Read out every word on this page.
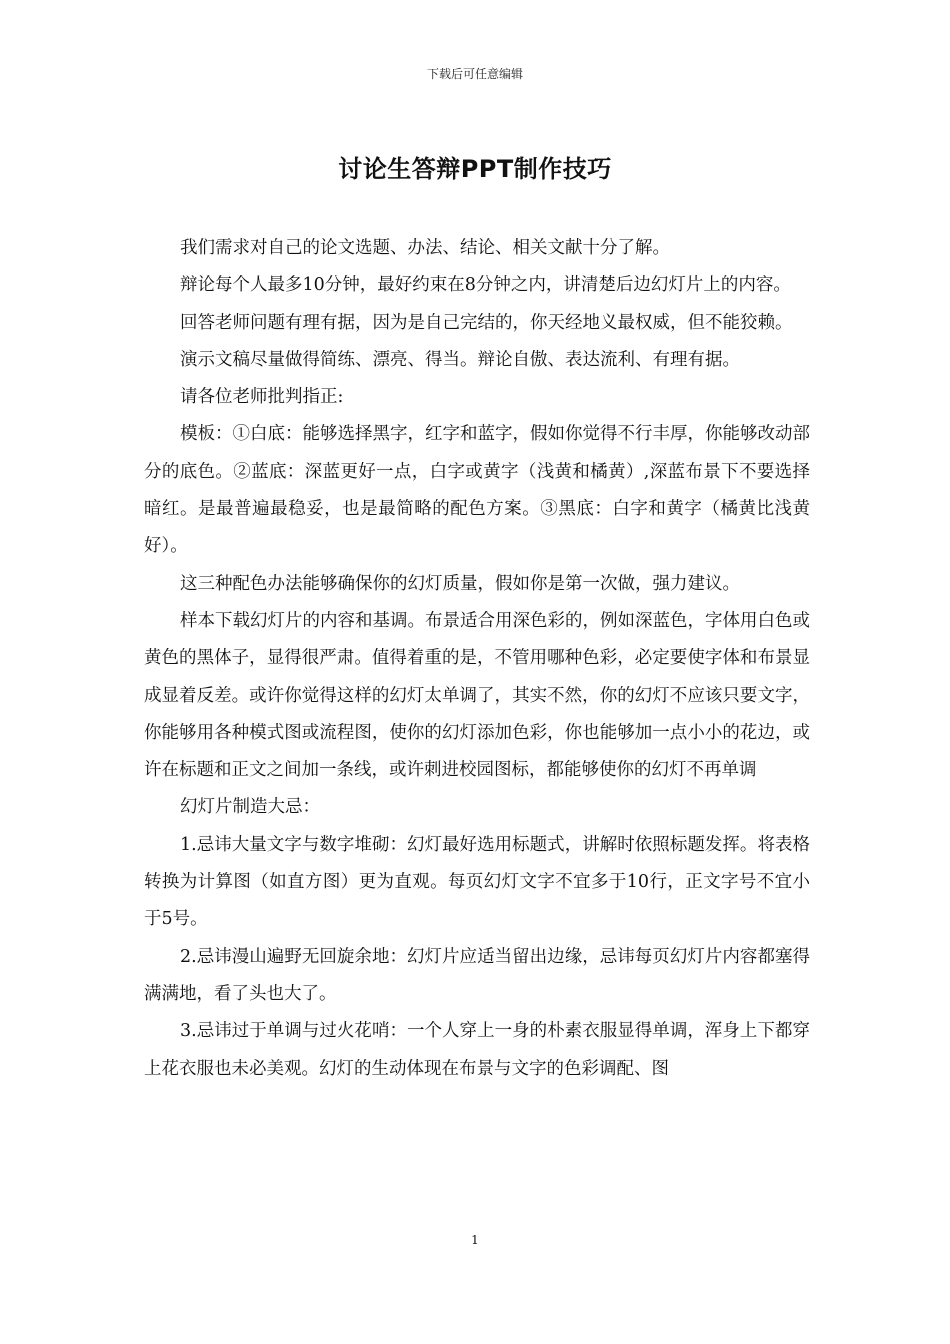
下载后可任意编辑
讨论生答辩PPT制作技巧

我们需求对自己的论文选题、办法、结论、相关文献十分了解。

辩论每个人最多10分钟，最好约束在8分钟之内，讲清楚后边幻灯片上的内容。

回答老师问题有理有据，因为是自己完结的，你天经地义最权威，但不能狡赖。

演示文稿尽量做得简练、漂亮、得当。辩论自傲、表达流利、有理有据。

请各位老师批判指正:

模板：①白底：能够选择黑字，红字和蓝字，假如你觉得不行丰厚，你能够改动部分的底色。②蓝底：深蓝更好一点，白字或黄字（浅黄和橘黄）,深蓝布景下不要选择暗红。是最普遍最稳妥，也是最简略的配色方案。③黑底：白字和黄字（橘黄比浅黄好）。

这三种配色办法能够确保你的幻灯质量，假如你是第一次做，强力建议。

样本下载幻灯片的内容和基调。布景适合用深色彩的，例如深蓝色，字体用白色或黄色的黑体子，显得很严肃。值得着重的是，不管用哪种色彩，必定要使字体和布景显成显着反差。或许你觉得这样的幻灯太单调了，其实不然，你的幻灯不应该只要文字，你能够用各种模式图或流程图，使你的幻灯添加色彩，你也能够加一点小小的花边，或许在标题和正文之间加一条线，或许刺进校园图标，都能够使你的幻灯不再单调

幻灯片制造大忌：

1.忌讳大量文字与数字堆砌：幻灯最好选用标题式，讲解时依照标题发挥。将表格转换为计算图（如直方图）更为直观。每页幻灯文字不宜多于10行，正文字号不宜小于5号。

2.忌讳漫山遍野无回旋余地：幻灯片应适当留出边缘，忌讳每页幻灯片内容都塞得满满地，看了头也大了。

3.忌讳过于单调与过火花哨：一个人穿上一身的朴素衣服显得单调，浑身上下都穿上花衣服也未必美观。幻灯的生动体现在布景与文字的色彩调配、图

1
